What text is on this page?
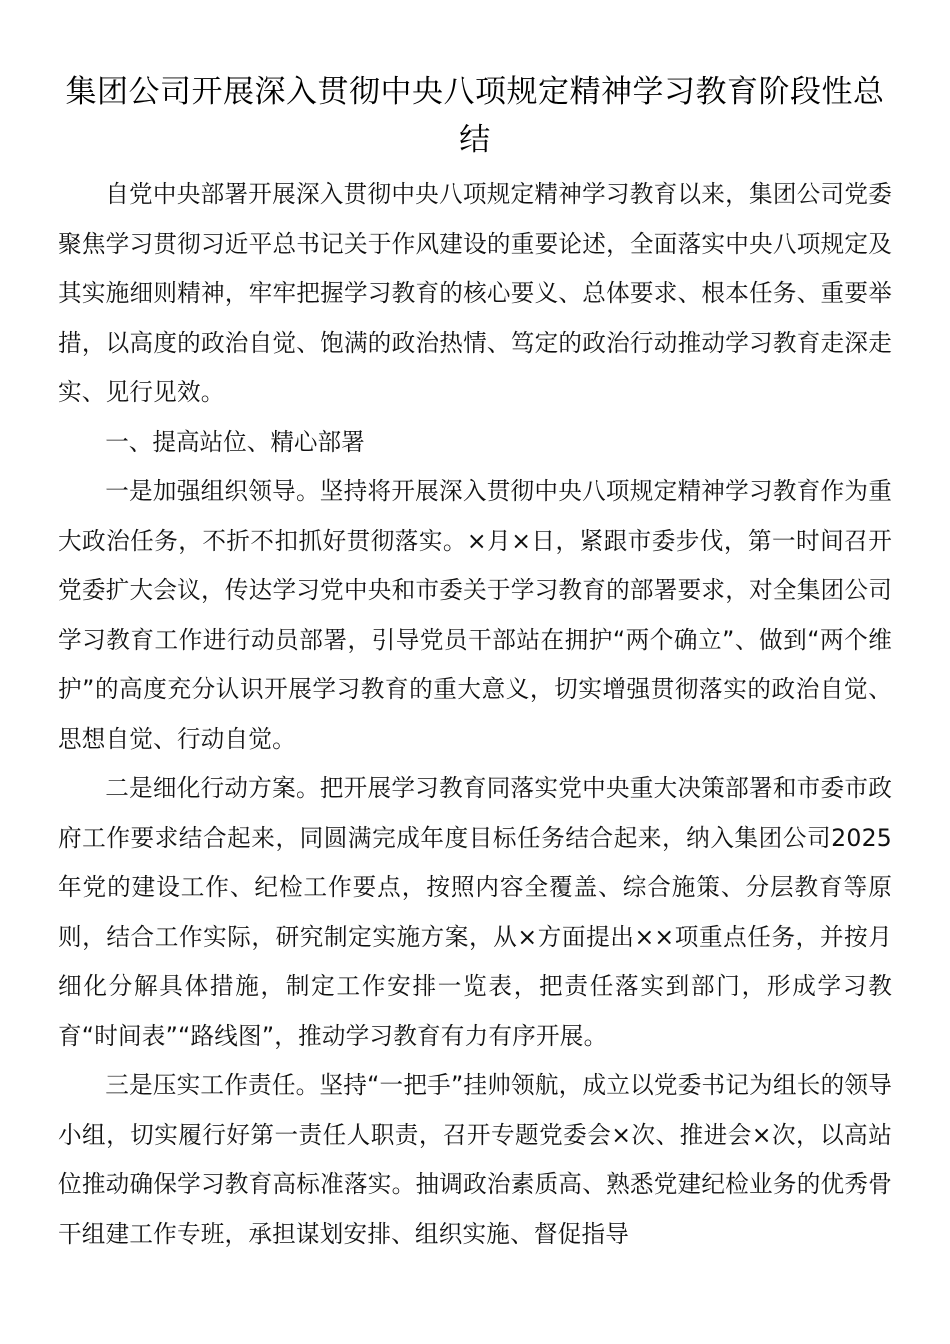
集团公司开展深入贯彻中央八项规定精神学习教育阶段性总结

自党中央部署开展深入贯彻中央八项规定精神学习教育以来，集团公司党委聚焦学习贯彻习近平总书记关于作风建设的重要论述，全面落实中央八项规定及其实施细则精神，牢牢把握学习教育的核心要义、总体要求、根本任务、重要举措，以高度的政治自觉、饱满的政治热情、笃定的政治行动推动学习教育走深走实、见行见效。

一、提高站位、精心部署

一是加强组织领导。坚持将开展深入贯彻中央八项规定精神学习教育作为重大政治任务，不折不扣抓好贯彻落实。×月×日，紧跟市委步伐，第一时间召开党委扩大会议，传达学习党中央和市委关于学习教育的部署要求，对全集团公司学习教育工作进行动员部署，引导党员干部站在拥护“两个确立”、做到“两个维护”的高度充分认识开展学习教育的重大意义，切实增强贯彻落实的政治自觉、思想自觉、行动自觉。

二是细化行动方案。把开展学习教育同落实党中央重大决策部署和市委市政府工作要求结合起来，同圆满完成年度目标任务结合起来，纳入集团公司2025年党的建设工作、纪检工作要点，按照内容全覆盖、综合施策、分层教育等原则，结合工作实际，研究制定实施方案，从×方面提出××项重点任务，并按月细化分解具体措施，制定工作安排一览表，把责任落实到部门，形成学习教育“时间表”“路线图”，推动学习教育有力有序开展。

三是压实工作责任。坚持“一把手”挂帅领航，成立以党委书记为组长的领导小组，切实履行好第一责任人职责，召开专题党委会×次、推进会×次，以高站位推动确保学习教育高标准落实。抽调政治素质高、熟悉党建纪检业务的优秀骨干组建工作专班，承担谋划安排、组织实施、督促指导
